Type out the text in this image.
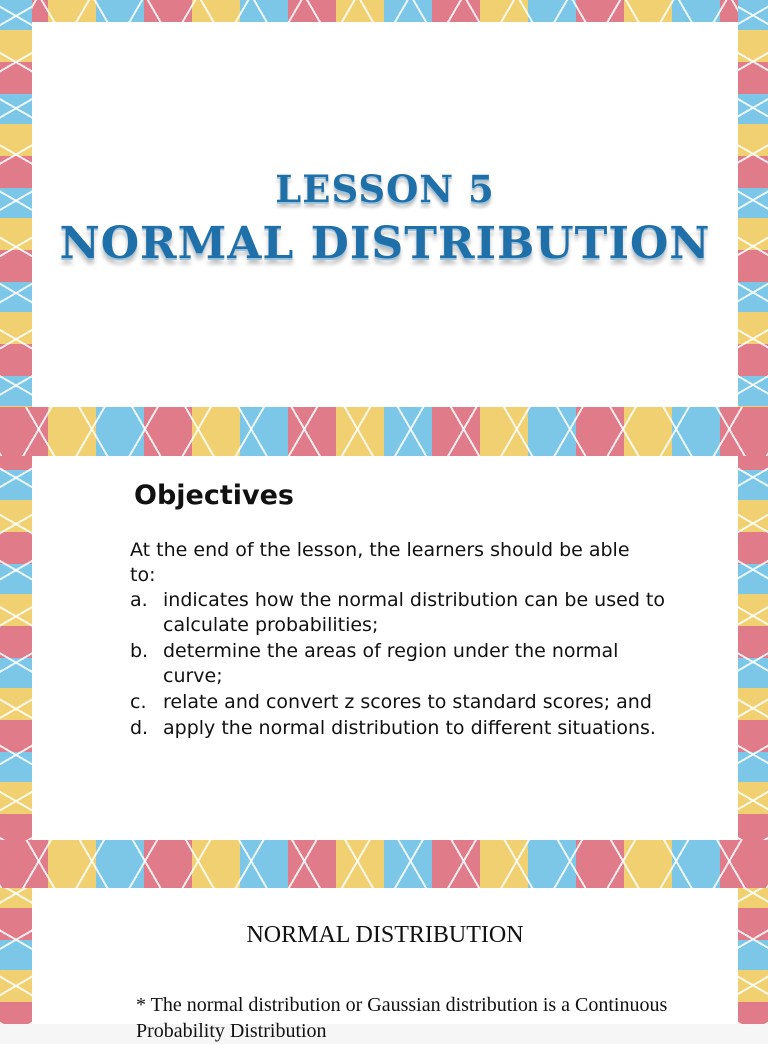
LESSON 5
NORMAL DISTRIBUTION
Objectives
At the end of the lesson, the learners should be able to:
a. indicates how the normal distribution can be used to calculate probabilities;
b. determine the areas of region under the normal curve;
c. relate and convert z scores to standard scores; and
d. apply the normal distribution to different situations.
NORMAL DISTRIBUTION
* The normal distribution or Gaussian distribution is a Continuous Probability Distribution
